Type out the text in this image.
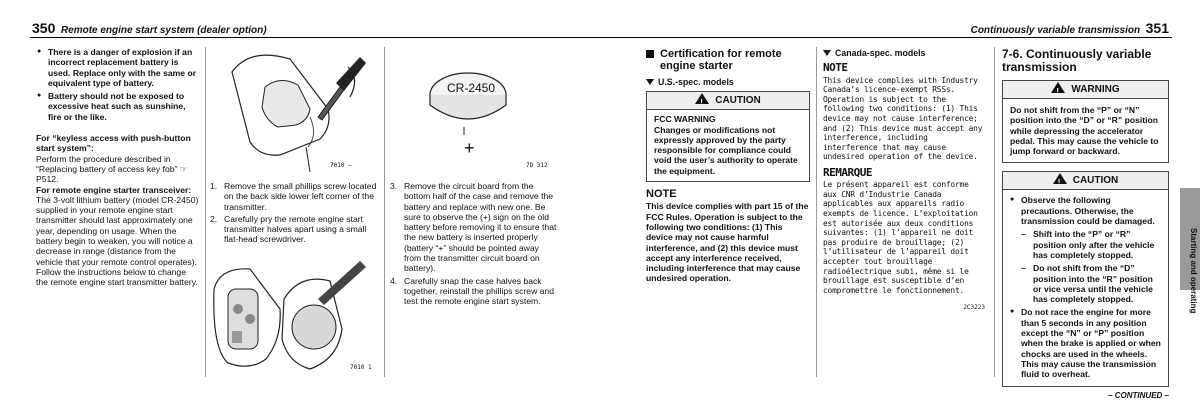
350 Remote engine start system (dealer option)
● There is a danger of explosion if an incorrect replacement battery is used. Replace only with the same or equivalent type of battery.
● Battery should not be exposed to excessive heat such as sunshine, fire or the like.
For “keyless access with push-button start system”:
Perform the procedure described in “Replacing battery of access key fob” ☞P512.
For remote engine starter transceiver:
The 3-volt lithium battery (model CR-2450) supplied in your remote engine start transmitter should last approximately one year, depending on usage. When the battery begin to weaken, you will notice a decrease in range (distance from the vehicle that your remote control operates). Follow the instructions below to change the remote engine start transmitter battery.
7010 –
1. Remove the small phillips screw located on the back side lower left corner of the transmitter.
2. Carefully pry the remote engine start transmitter halves apart using a small flat-head screwdriver.
7010 1
CR-2450
+
7D 312
3. Remove the circuit board from the bottom half of the case and remove the battery and replace with new one. Be sure to observe the (+) sign on the old battery before removing it to ensure that the new battery is inserted properly (battery “+” should be pointed away from the transmitter circuit board on battery).
4. Carefully snap the case halves back together, reinstall the phillips screw and test the remote engine start system.
Continuously variable transmission 351
Certification for remote engine starter
U.S.-spec. models
!CAUTION
FCC WARNING
Changes or modifications not expressly approved by the party responsible for compliance could void the user’s authority to operate the equipment.
NOTE
This device complies with part 15 of the FCC Rules. Operation is subject to the following two conditions: (1) This device may not cause harmful interference, and (2) this device must accept any interference received, including interference that may cause undesired operation.
Canada-spec. models
NOTE
This device complies with Industry Canada’s licence-exempt RSSs. Operation is subject to the following two conditions: (1) This device may not cause interference; and (2) This device must accept any interference, including interference that may cause undesired operation of the device.
REMARQUE
Le présent appareil est conforme aux CNR d’Industrie Canada applicables aux appareils radio exempts de licence. L’exploitation est autorisée aux deux conditions suivantes: (1) l’appareil ne doit pas produire de brouillage; (2) l’utilisateur de l’appareil doit accepter tout brouillage radioélectrique subi, même si le brouillage est susceptible d’en compromettre le fonctionnement.
2C3223
7-6. Continuously variable transmission
!WARNING
Do not shift from the “P” or “N” position into the “D” or “R” position while depressing the accelerator pedal. This may cause the vehicle to jump forward or backward.
!CAUTION
● Observe the following precautions. Otherwise, the transmission could be damaged.
– Shift into the “P” or “R” position only after the vehicle has completely stopped.
– Do not shift from the “D” position into the “R” position or vice versa until the vehicle has completely stopped.
● Do not race the engine for more than 5 seconds in any position except the “N” or “P” position when the brake is applied or when chocks are used in the wheels. This may cause the transmission fluid to overheat.
– CONTINUED –
Starting and operating
